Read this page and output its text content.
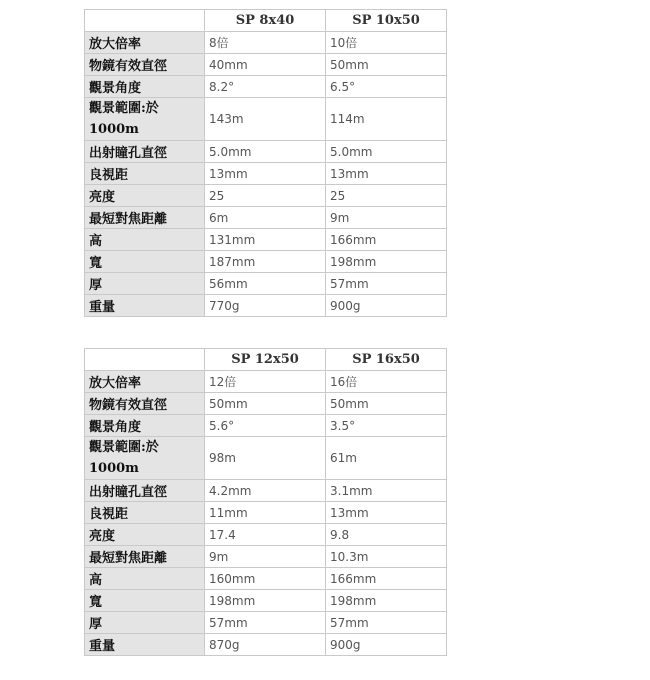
	SP 8x40	SP 10x50
放大倍率	8倍	10倍
物鏡有效直徑	40mm	50mm
觀景角度	8.2°	6.5°

觀景範圍:於
1000m	143m	114m
出射瞳孔直徑	5.0mm	5.0mm
良視距	13mm	13mm
亮度	25	25
最短對焦距離	6m	9m
高	131mm	166mm
寬	187mm	198mm
厚	56mm	57mm
重量	770g	900g
	SP 12x50	SP 16x50
放大倍率	12倍	16倍
物鏡有效直徑	50mm	50mm
觀景角度	5.6°	3.5°

觀景範圍:於
1000m	98m	61m
出射瞳孔直徑	4.2mm	3.1mm
良視距	11mm	13mm
亮度	17.4	9.8
最短對焦距離	9m	10.3m
高	160mm	166mm
寬	198mm	198mm
厚	57mm	57mm
重量	870g	900g
